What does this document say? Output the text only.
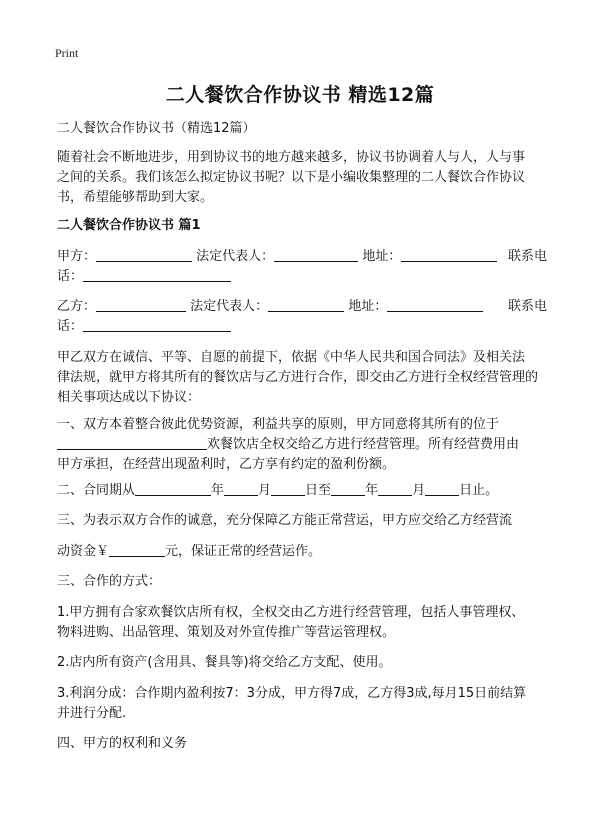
Print
二人餐饮合作协议书 精选12篇
二人餐饮合作协议书（精选12篇）
随着社会不断地进步，用到协议书的地方越来越多，协议书协调着人与人，人与事
之间的关系。我们该怎么拟定协议书呢？以下是小编收集整理的二人餐饮合作协议
书，希望能够帮助到大家。
二人餐饮合作协议书 篇1
甲方：	法定代表人：	地址：	联系电
话：
乙方：	法定代表人：	地址：	联系电
话：
甲乙双方在诚信、平等、自愿的前提下，依据《中华人民共和国合同法》及相关法
律法规，就甲方将其所有的餐饮店与乙方进行合作，即交由乙方进行全权经营管理的
相关事项达成以下协议：
一、双方本着整合彼此优势资源，利益共享的原则，甲方同意将其所有的位于
欢餐饮店全权交给乙方进行经营管理。所有经营费用由
甲方承担，在经营出现盈利时，乙方享有约定的盈利份额。
二、合同期从	年	月	日至	年	月	日止。
三、为表示双方合作的诚意，充分保障乙方能正常营运，甲方应交给乙方经营流
动资金￥	元，保证正常的经营运作。
三、合作的方式：
1.甲方拥有合家欢餐饮店所有权，全权交由乙方进行经营管理，包括人事管理权、
物料进购、出品管理、策划及对外宣传推广等营运管理权。
2.店内所有资产(含用具、餐具等)将交给乙方支配、使用。
3.利润分成：合作期内盈利按7：3分成，甲方得7成，乙方得3成,每月15日前结算
并进行分配.
四、甲方的权利和义务
